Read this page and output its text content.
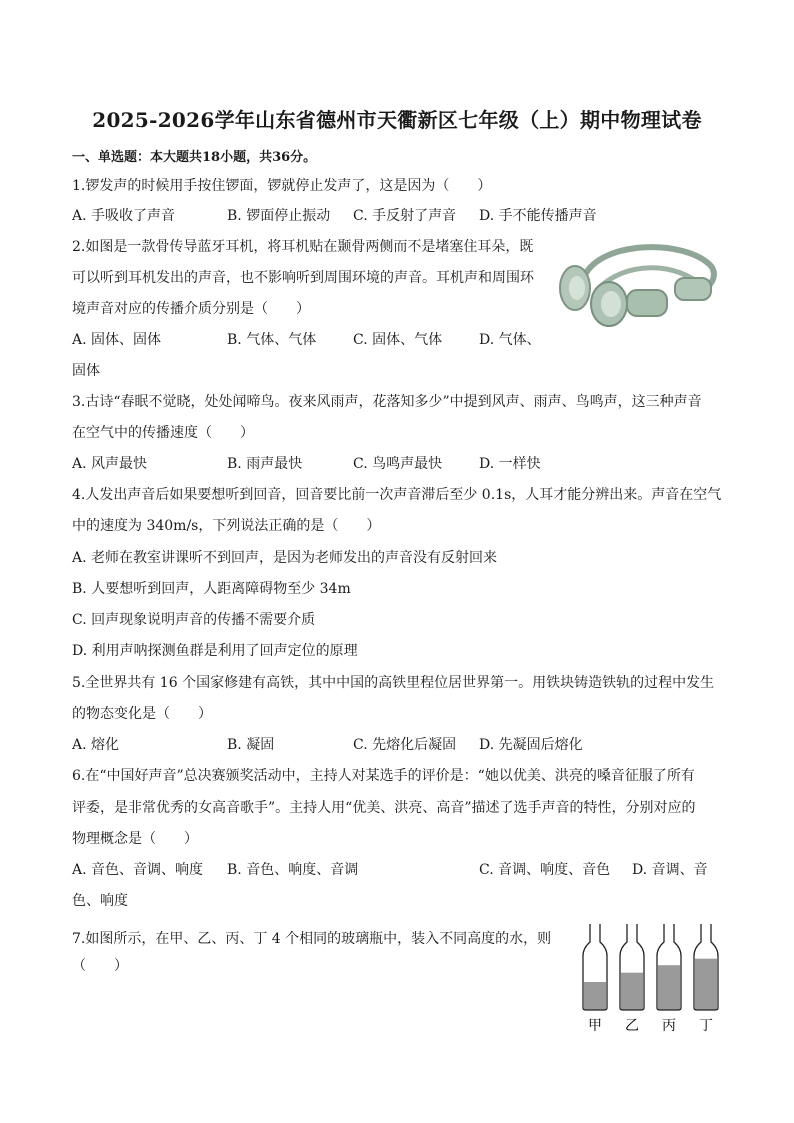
2025-2026学年山东省德州市天衢新区七年级（上）期中物理试卷
一、单选题：本大题共18小题，共36分。
1.锣发声的时候用手按住锣面，锣就停止发声了，这是因为（　　）
A. 手吸收了声音	B. 锣面停止振动 C. 手反射了声音 D. 手不能传播声音
2.如图是一款骨传导蓝牙耳机，将耳机贴在颞骨两侧而不是堵塞住耳朵，既
可以听到耳机发出的声音，也不影响听到周围环境的声音。耳机声和周围环
境声音对应的传播介质分别是（　　）
A. 固体、固体	B. 气体、气体	C. 固体、气体	D. 气体、
固体
3.古诗“春眠不觉晓，处处闻啼鸟。夜来风雨声，花落知多少”中提到风声、雨声、鸟鸣声，这三种声音
在空气中的传播速度（　　）
A. 风声最快	B. 雨声最快	C. 鸟鸣声最快	D. 一样快
4.人发出声音后如果要想听到回音，回音要比前一次声音滞后至少 0.1s，人耳才能分辨出来。声音在空气
中的速度为 340m/s，下列说法正确的是（　　）
A. 老师在教室讲课听不到回声，是因为老师发出的声音没有反射回来
B. 人要想听到回声，人距离障碍物至少 34m
C. 回声现象说明声音的传播不需要介质
D. 利用声呐探测鱼群是利用了回声定位的原理
5.全世界共有 16 个国家修建有高铁，其中中国的高铁里程位居世界第一。用铁块铸造铁轨的过程中发生
的物态变化是（　　）
A. 熔化	B. 凝固	C. 先熔化后凝固 D. 先凝固后熔化
6.在“中国好声音”总决赛颁奖活动中，主持人对某选手的评价是：“她以优美、洪亮的嗓音征服了所有
评委，是非常优秀的女高音歌手”。主持人用“优美、洪亮、高音”描述了选手声音的特性，分别对应的
物理概念是（　　）
A. 音色、音调、响度 B. 音色、响度、音调	C. 音调、响度、音色 D. 音调、音
色、响度
7.如图所示，在甲、乙、丙、丁 4 个相同的玻璃瓶中，装入不同高度的水，则
（　　）
甲 乙 丙 丁
